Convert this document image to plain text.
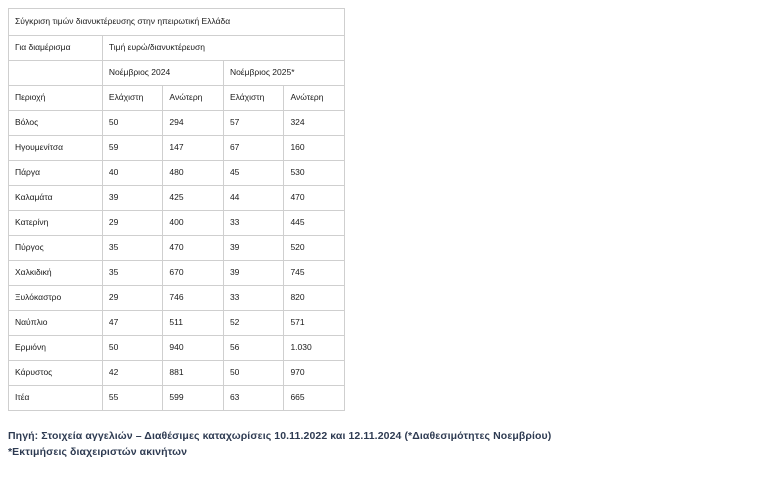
Σύγκριση τιμών διανυκτέρευσης στην ηπειρωτική Ελλάδα				
Για διαμέρισμα	Τιμή ευρώ/διανυκτέρευση			
	Νοέμβριος 2024		Νοέμβριος 2025*	
Περιοχή	Ελάχιστη	Ανώτερη	Ελάχιστη	Ανώτερη
Βόλος	50	294	57	324
Ηγουμενίτσα	59	147	67	160
Πάργα	40	480	45	530
Καλαμάτα	39	425	44	470
Κατερίνη	29	400	33	445
Πύργος	35	470	39	520
Χαλκιδική	35	670	39	745
Ξυλόκαστρο	29	746	33	820
Ναύπλιο	47	511	52	571
Ερμιόνη	50	940	56	1.030
Κάρυστος	42	881	50	970
Ιτέα	55	599	63	665
Πηγή: Στοιχεία αγγελιών – Διαθέσιμες καταχωρίσεις 10.11.2022 και 12.11.2024 (*Διαθεσιμότητες Νοεμβρίου)
*Εκτιμήσεις διαχειριστών ακινήτων
